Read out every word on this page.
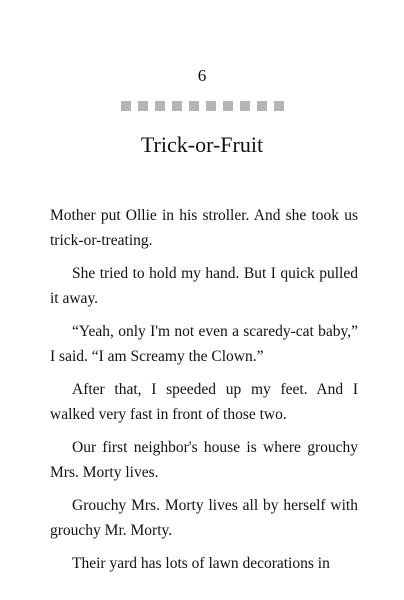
6
Trick-or-Fruit

Mother put Ollie in his stroller. And she took us trick-or-treating.

She tried to hold my hand. But I quick pulled it away.

“Yeah, only I'm not even a scaredy-cat baby,” I said. “I am Screamy the Clown.”

After that, I speeded up my feet. And I walked very fast in front of those two.

Our first neighbor's house is where grouchy Mrs. Morty lives.

Grouchy Mrs. Morty lives all by herself with grouchy Mr. Morty.

Their yard has lots of lawn decorations in
